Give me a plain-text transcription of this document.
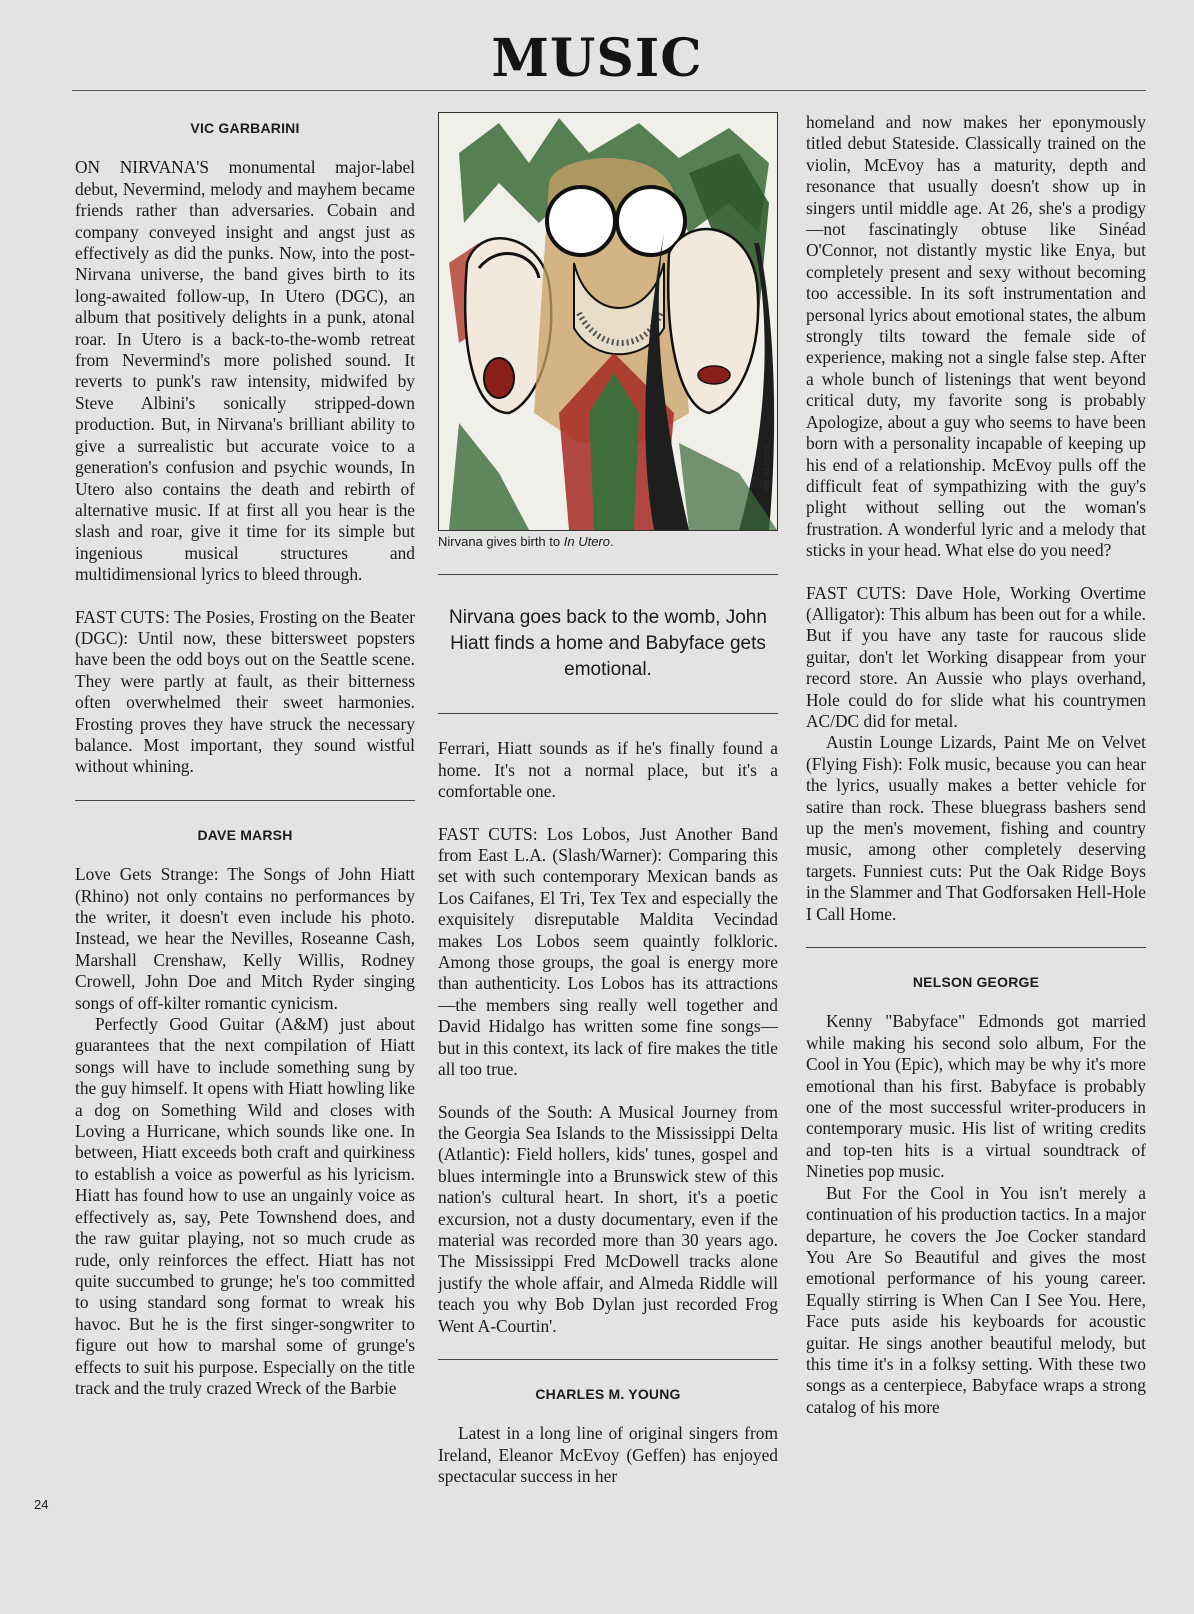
MUSIC
24
VIC GARBARINI

ON NIRVANA'S monumental major-label debut, Nevermind, melody and mayhem became friends rather than adversaries. Cobain and company conveyed insight and angst just as effectively as did the punks. Now, into the post-Nirvana universe, the band gives birth to its long-awaited follow-up, In Utero (DGC), an album that positively delights in a punk, atonal roar. In Utero is a back-to-the-womb retreat from Nevermind's more polished sound. It reverts to punk's raw intensity, midwifed by Steve Albini's sonically stripped-down production. But, in Nirvana's brilliant ability to give a surrealistic but accurate voice to a generation's confusion and psychic wounds, In Utero also contains the death and rebirth of alternative music. If at first all you hear is the slash and roar, give it time for its simple but ingenious musical structures and multidimensional lyrics to bleed through.

FAST CUTS: The Posies, Frosting on the Beater (DGC): Until now, these bittersweet popsters have been the odd boys out on the Seattle scene. They were partly at fault, as their bitterness often overwhelmed their sweet harmonies. Frosting proves they have struck the necessary balance. Most important, they sound wistful without whining.

DAVE MARSH

Love Gets Strange: The Songs of John Hiatt (Rhino) not only contains no performances by the writer, it doesn't even include his photo. Instead, we hear the Nevilles, Roseanne Cash, Marshall Crenshaw, Kelly Willis, Rodney Crowell, John Doe and Mitch Ryder singing songs of off-kilter romantic cynicism.

Perfectly Good Guitar (A&M) just about guarantees that the next compilation of Hiatt songs will have to include something sung by the guy himself. It opens with Hiatt howling like a dog on Something Wild and closes with Loving a Hurricane, which sounds like one. In between, Hiatt exceeds both craft and quirkiness to establish a voice as powerful as his lyricism. Hiatt has found how to use an ungainly voice as effectively as, say, Pete Townshend does, and the raw guitar playing, not so much crude as rude, only reinforces the effect. Hiatt has not quite succumbed to grunge; he's too committed to using standard song format to wreak his havoc. But he is the first singer-songwriter to figure out how to marshal some of grunge's effects to suit his purpose. Especially on the title track and the truly crazed Wreck of the Barbie

JOE FOURNIER

Nirvana gives birth to In Utero.

Nirvana goes back to the womb, John Hiatt finds a home and Babyface gets emotional.

Ferrari, Hiatt sounds as if he's finally found a home. It's not a normal place, but it's a comfortable one.

FAST CUTS: Los Lobos, Just Another Band from East L.A. (Slash/Warner): Comparing this set with such contemporary Mexican bands as Los Caifanes, El Tri, Tex Tex and especially the exquisitely disreputable Maldita Vecindad makes Los Lobos seem quaintly folkloric. Among those groups, the goal is energy more than authenticity. Los Lobos has its attractions—the members sing really well together and David Hidalgo has written some fine songs—but in this context, its lack of fire makes the title all too true.

Sounds of the South: A Musical Journey from the Georgia Sea Islands to the Mississippi Delta (Atlantic): Field hollers, kids' tunes, gospel and blues intermingle into a Brunswick stew of this nation's cultural heart. In short, it's a poetic excursion, not a dusty documentary, even if the material was recorded more than 30 years ago. The Mississippi Fred McDowell tracks alone justify the whole affair, and Almeda Riddle will teach you why Bob Dylan just recorded Frog Went A-Courtin'.

CHARLES M. YOUNG

Latest in a long line of original singers from Ireland, Eleanor McEvoy (Geffen) has enjoyed spectacular success in her

homeland and now makes her eponymously titled debut Stateside. Classically trained on the violin, McEvoy has a maturity, depth and resonance that usually doesn't show up in singers until middle age. At 26, she's a prodigy—not fascinatingly obtuse like Sinéad O'Connor, not distantly mystic like Enya, but completely present and sexy without becoming too accessible. In its soft instrumentation and personal lyrics about emotional states, the album strongly tilts toward the female side of experience, making not a single false step. After a whole bunch of listenings that went beyond critical duty, my favorite song is probably Apologize, about a guy who seems to have been born with a personality incapable of keeping up his end of a relationship. McEvoy pulls off the difficult feat of sympathizing with the guy's plight without selling out the woman's frustration. A wonderful lyric and a melody that sticks in your head. What else do you need?

FAST CUTS: Dave Hole, Working Overtime (Alligator): This album has been out for a while. But if you have any taste for raucous slide guitar, don't let Working disappear from your record store. An Aussie who plays overhand, Hole could do for slide what his countrymen AC/DC did for metal.

Austin Lounge Lizards, Paint Me on Velvet (Flying Fish): Folk music, because you can hear the lyrics, usually makes a better vehicle for satire than rock. These bluegrass bashers send up the men's movement, fishing and country music, among other completely deserving targets. Funniest cuts: Put the Oak Ridge Boys in the Slammer and That Godforsaken Hell-Hole I Call Home.

NELSON GEORGE

Kenny "Babyface" Edmonds got married while making his second solo album, For the Cool in You (Epic), which may be why it's more emotional than his first. Babyface is probably one of the most successful writer-producers in contemporary music. His list of writing credits and top-ten hits is a virtual soundtrack of Nineties pop music.

But For the Cool in You isn't merely a continuation of his production tactics. In a major departure, he covers the Joe Cocker standard You Are So Beautiful and gives the most emotional performance of his young career. Equally stirring is When Can I See You. Here, Face puts aside his keyboards for acoustic guitar. He sings another beautiful melody, but this time it's in a folksy setting. With these two songs as a centerpiece, Babyface wraps a strong catalog of his more
